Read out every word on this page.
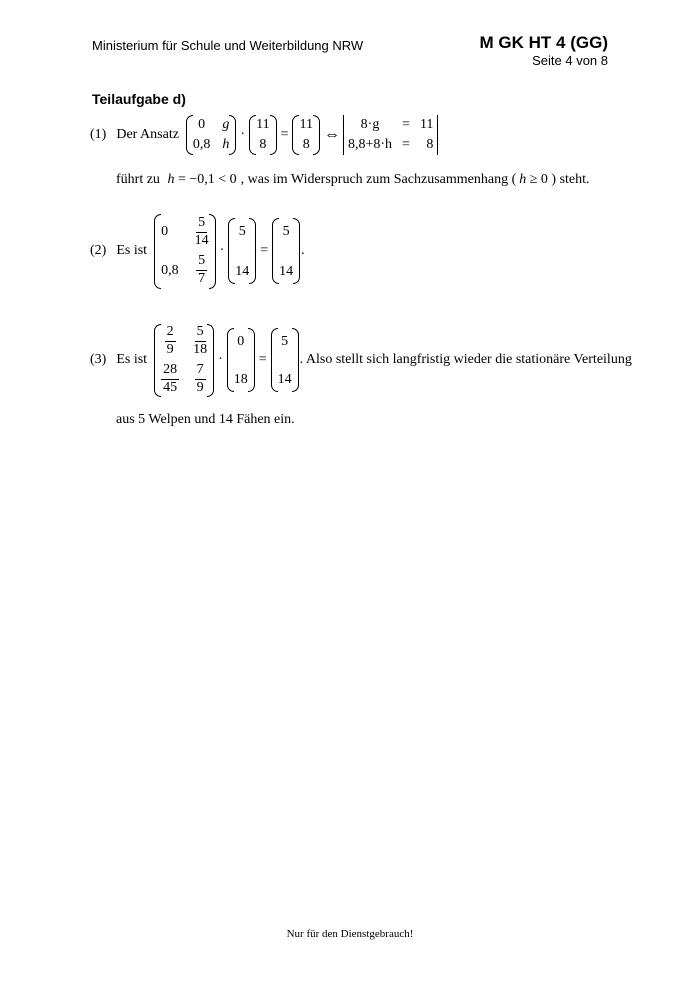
Ministerium für Schule und Weiterbildung NRW	M GK HT 4 (GG)
Seite 4 von 8
Teilaufgabe d)
(1) Der Ansatz
0 g
0,8 h
·
11
8
=
11
8
⇔
8·g = 11
8,8+8·h = 8
führt zu h = −0,1 < 0 , was im Widerspruch zum Sachzusammenhang ( h ≥ 0 ) steht.
(2) Es ist
$0 \frac{5}{14}$
$0,8 \frac{5}{7}$
·
5
14
=
5
14
.
(3) Es ist
$\frac{2}{9} \frac{5}{18}$
$\frac{28}{45} \frac{7}{9}$
·
0
18
=
5
14
. Also stellt sich langfristig wieder die stationäre Verteilung
aus 5 Welpen und 14 Fähen ein.
Nur für den Dienstgebrauch!
